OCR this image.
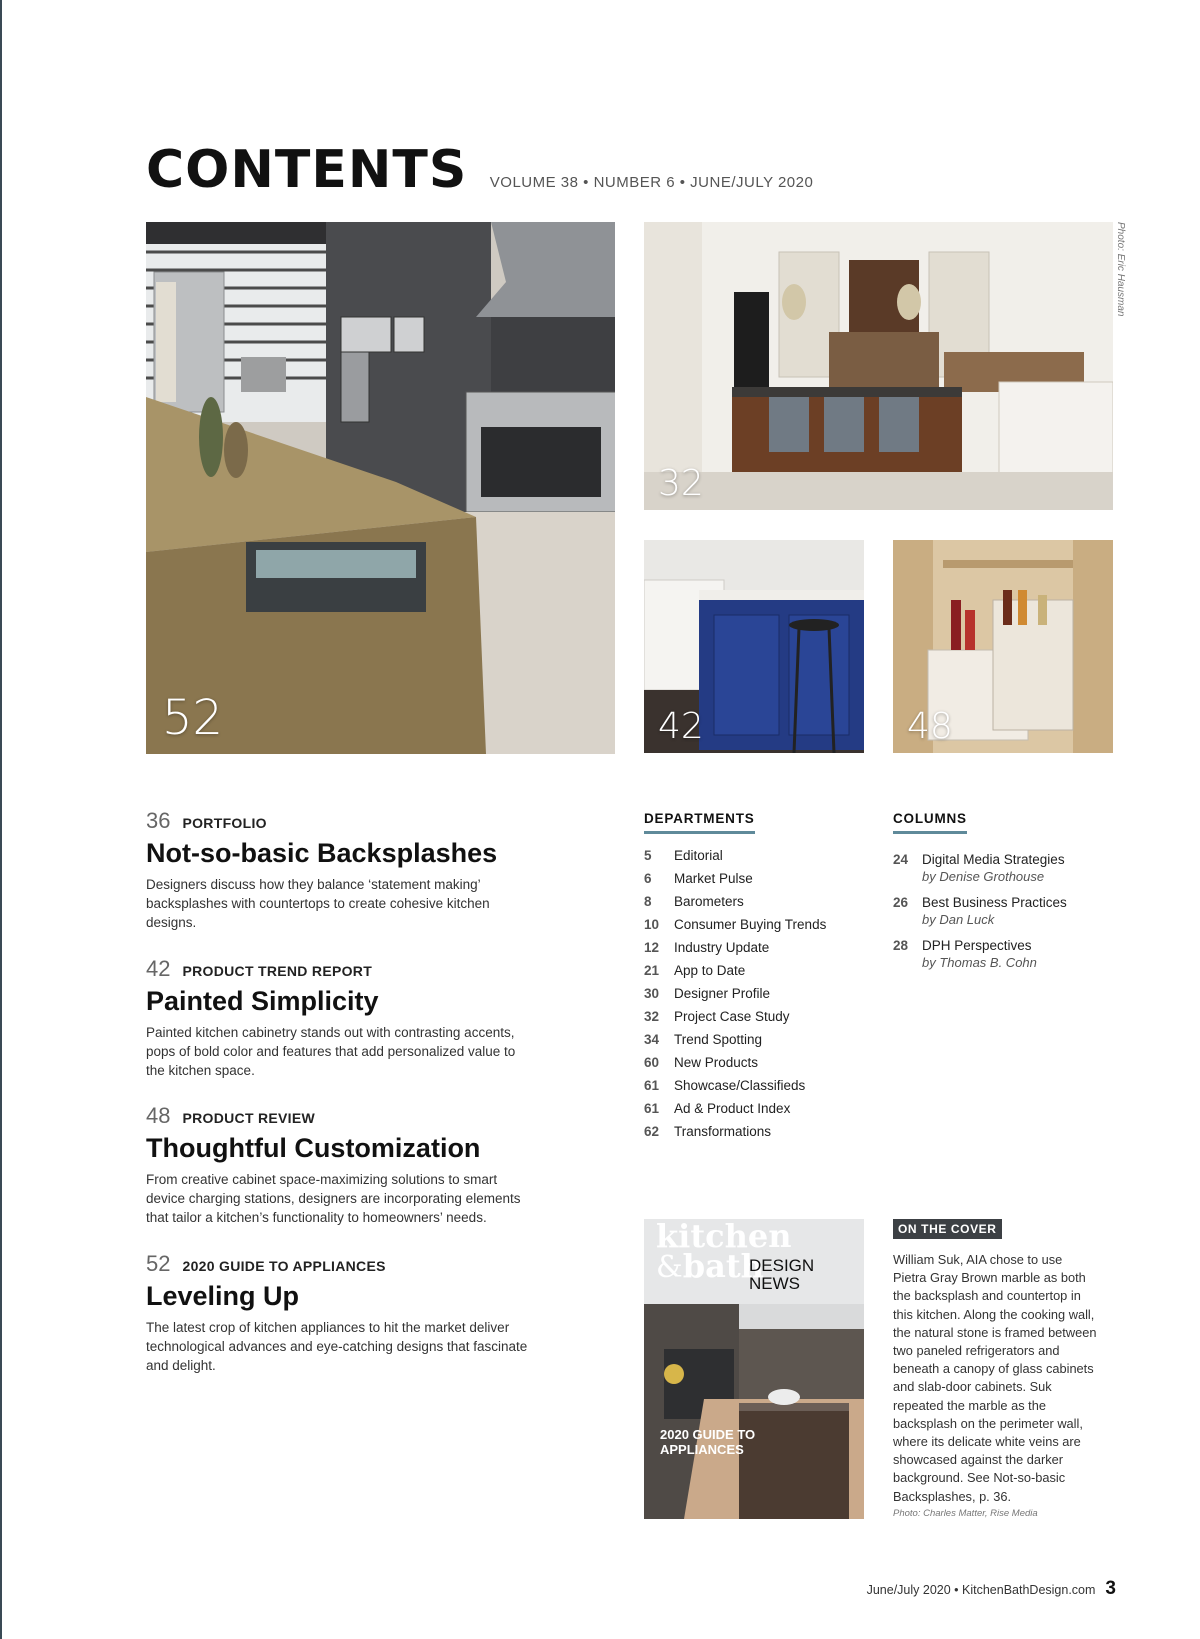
CONTENTS VOLUME 38 • NUMBER 6 • JUNE/JULY 2020
52
32
Photo: Eric Hausman
42	48
36 PORTFOLIO
Not-so-basic Backsplashes
Designers discuss how they balance ‘statement making’ backsplashes with countertops to create cohesive kitchen designs.
42 PRODUCT TREND REPORT
Painted Simplicity
Painted kitchen cabinetry stands out with contrasting accents, pops of bold color and features that add personalized value to the kitchen space.
48 PRODUCT REVIEW
Thoughtful Customization
From creative cabinet space-maximizing solutions to smart device charging stations, designers are incorporating elements that tailor a kitchen’s functionality to homeowners’ needs.
52 2020 GUIDE TO APPLIANCES
Leveling Up
The latest crop of kitchen appliances to hit the market deliver technological advances and eye-catching designs that fascinate and delight.
DEPARTMENTS
5 Editorial
6 Market Pulse
8 Barometers
10 Consumer Buying Trends
12 Industry Update
21 App to Date
30 Designer Profile
32 Project Case Study
34 Trend Spotting
60 New Products
61 Showcase/Classifieds
61 Ad & Product Index
62 Transformations
COLUMNS
24 Digital Media Strategies
by Denise Grothouse
26 Best Business Practices
by Dan Luck
28 DPH Perspectives
by Thomas B. Cohn
kitchen
&bath
DESIGN
NEWS
2020 GUIDE TO APPLIANCES
ON THE COVER
William Suk, AIA chose to use Pietra Gray Brown marble as both the backsplash and countertop in this kitchen. Along the cooking wall, the natural stone is framed between two paneled refrigerators and beneath a canopy of glass cabinets and slab-door cabinets. Suk repeated the marble as the backsplash on the perimeter wall, where its delicate white veins are showcased against the darker background. See Not-so-basic Backsplashes, p. 36.
Photo: Charles Matter, Rise Media
June/July 2020 • KitchenBathDesign.com 3
